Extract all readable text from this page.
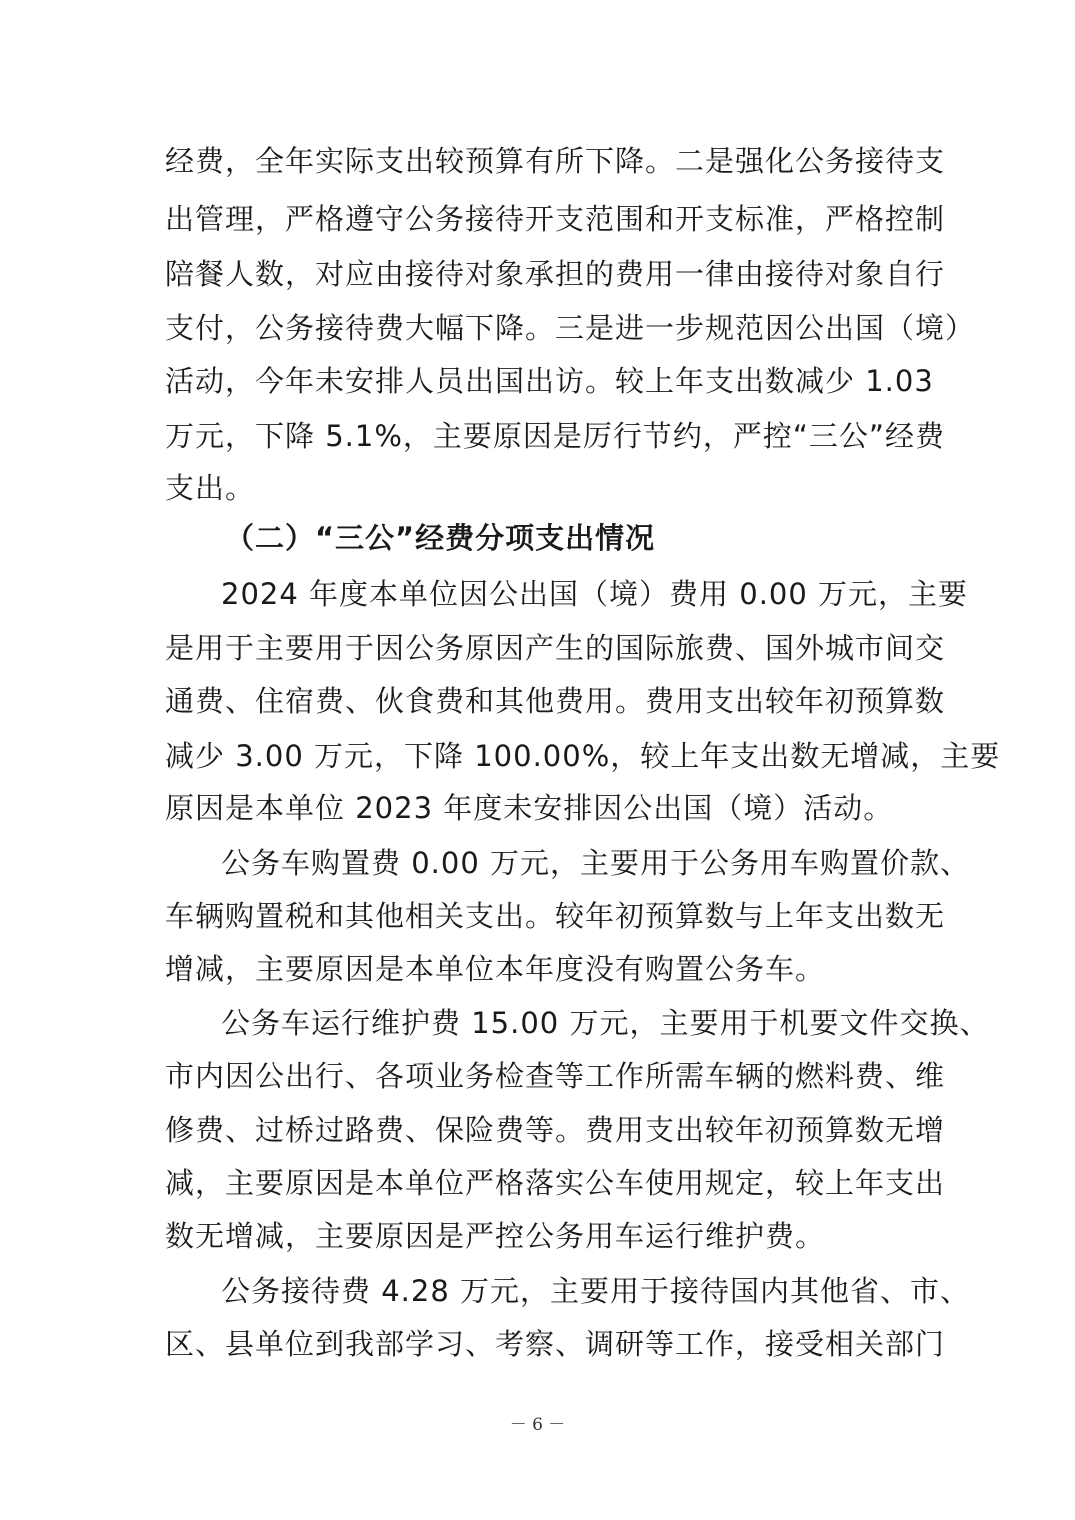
经费，全年实际支出较预算有所下降。二是强化公务接待支
出管理，严格遵守公务接待开支范围和开支标准，严格控制
陪餐人数，对应由接待对象承担的费用一律由接待对象自行
支付，公务接待费大幅下降。三是进一步规范因公出国（境）
活动，今年未安排人员出国出访。较上年支出数减少 1.03
万元，下降 5.1%，主要原因是厉行节约，严控“三公”经费
支出。
（二）“三公”经费分项支出情况
2024 年度本单位因公出国（境）费用 0.00 万元，主要
是用于主要用于因公务原因产生的国际旅费、国外城市间交
通费、住宿费、伙食费和其他费用。费用支出较年初预算数
减少 3.00 万元，下降 100.00%，较上年支出数无增减，主要
原因是本单位 2023 年度未安排因公出国（境）活动。
公务车购置费 0.00 万元，主要用于公务用车购置价款、
车辆购置税和其他相关支出。较年初预算数与上年支出数无
增减，主要原因是本单位本年度没有购置公务车。
公务车运行维护费 15.00 万元，主要用于机要文件交换、
市内因公出行、各项业务检查等工作所需车辆的燃料费、维
修费、过桥过路费、保险费等。费用支出较年初预算数无增
减，主要原因是本单位严格落实公车使用规定，较上年支出
数无增减，主要原因是严控公务用车运行维护费。
公务接待费 4.28 万元，主要用于接待国内其他省、市、
区、县单位到我部学习、考察、调研等工作，接受相关部门
－ 6 －
